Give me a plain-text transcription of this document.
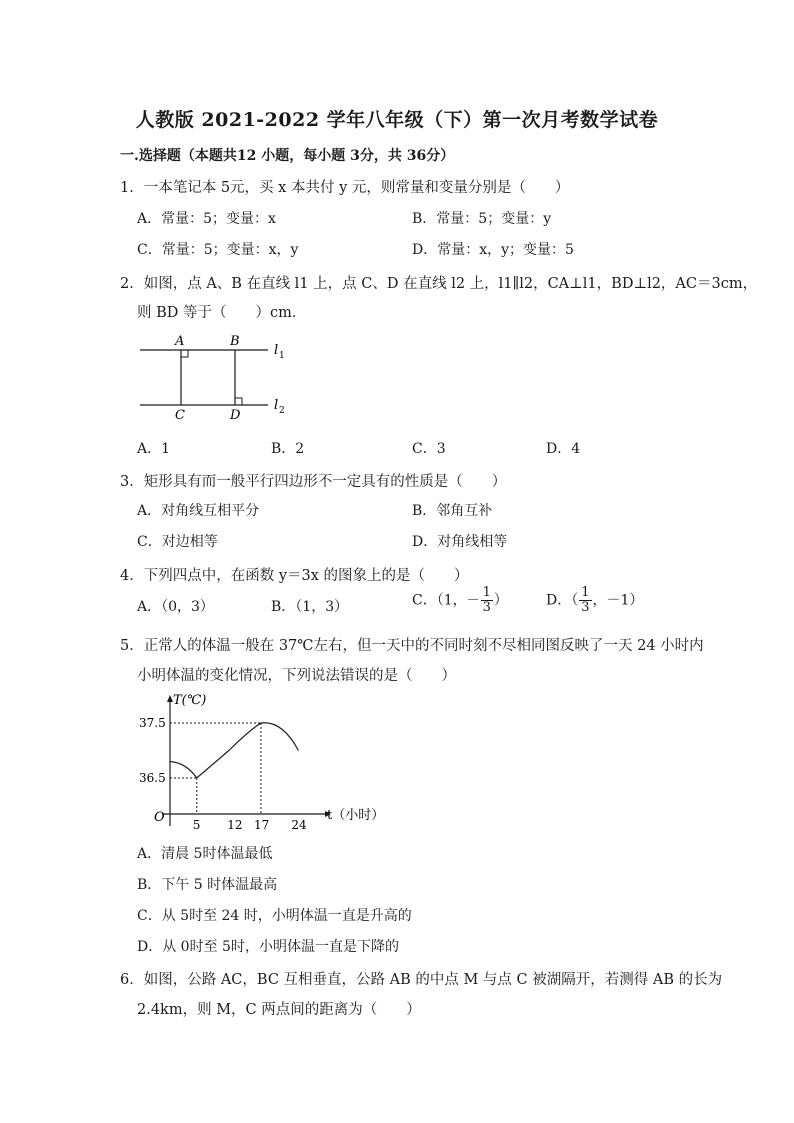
人教版 2021-2022 学年八年级（下）第一次月考数学试卷
一.选择题（本题共12 小题，每小题 3分，共 36分）
1．一本笔记本 5元，买 x 本共付 y 元，则常量和变量分别是（　　）
A．常量：5；变量：x	B．常量：5；变量：y
C．常量：5；变量：x，y	D．常量：x，y；变量：5
2．如图，点 A、B 在直线 l1 上，点 C、D 在直线 l2 上，l1∥l2，CA⊥l1，BD⊥l2，AC＝3cm，
则 BD 等于（　　）cm．
A	B
C	D
l 1
l 2
A．1	B．2	C．3	D．4
3．矩形具有而一般平行四边形不一定具有的性质是（　　）
A．对角线互相平分	B．邻角互补
C．对边相等	D．对角线相等
4．下列四点中，在函数 y＝3x 的图象上的是（　　）
A．（0，3）	B．（1，3）	C．（1，－ $\frac{1}{3}$ ）	D．（ $\frac{1}{3}$ ，－1）
5．正常人的体温一般在 37℃左右，但一天中的不同时刻不尽相同图反映了一天 24 小时内
小明体温的变化情况，下列说法错误的是（　　）
T(℃)
t（小时）
O
37.5
36.5
5 12 17 24
A．清晨 5时体温最低
B．下午 5 时体温最高
C．从 5时至 24 时，小明体温一直是升高的
D．从 0时至 5时，小明体温一直是下降的
6．如图，公路 AC，BC 互相垂直，公路 AB 的中点 M 与点 C 被湖隔开，若测得 AB 的长为
2.4km，则 M，C 两点间的距离为（　　）
